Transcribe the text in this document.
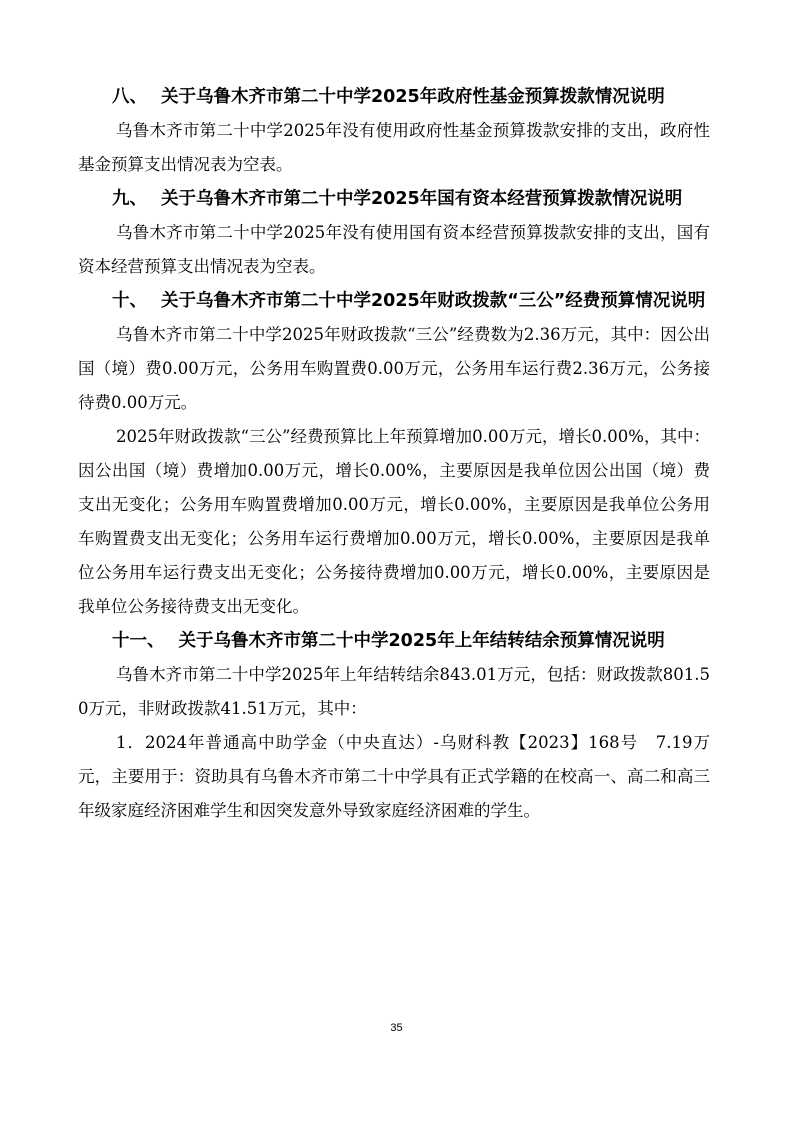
八、 关于乌鲁木齐市第二十中学2025年政府性基金预算拨款情况说明

乌鲁木齐市第二十中学2025年没有使用政府性基金预算拨款安排的支出，政府性基金预算支出情况表为空表。

九、 关于乌鲁木齐市第二十中学2025年国有资本经营预算拨款情况说明

乌鲁木齐市第二十中学2025年没有使用国有资本经营预算拨款安排的支出，国有资本经营预算支出情况表为空表。

十、 关于乌鲁木齐市第二十中学2025年财政拨款“三公”经费预算情况说明

乌鲁木齐市第二十中学2025年财政拨款“三公”经费数为2.36万元，其中：因公出国（境）费0.00万元，公务用车购置费0.00万元，公务用车运行费2.36万元，公务接待费0.00万元。

2025年财政拨款“三公”经费预算比上年预算增加0.00万元，增长0.00%，其中：因公出国（境）费增加0.00万元，增长0.00%，主要原因是我单位因公出国（境）费支出无变化；公务用车购置费增加0.00万元，增长0.00%，主要原因是我单位公务用车购置费支出无变化；公务用车运行费增加0.00万元，增长0.00%，主要原因是我单位公务用车运行费支出无变化；公务接待费增加0.00万元，增长0.00%，主要原因是我单位公务接待费支出无变化。

十一、 关于乌鲁木齐市第二十中学2025年上年结转结余预算情况说明

乌鲁木齐市第二十中学2025年上年结转结余843.01万元，包括：财政拨款801.50万元，非财政拨款41.51万元，其中：

1．2024年普通高中助学金（中央直达）-乌财科教【2023】168号　7.19万元，主要用于：资助具有乌鲁木齐市第二十中学具有正式学籍的在校高一、高二和高三年级家庭经济困难学生和因突发意外导致家庭经济困难的学生。

35
